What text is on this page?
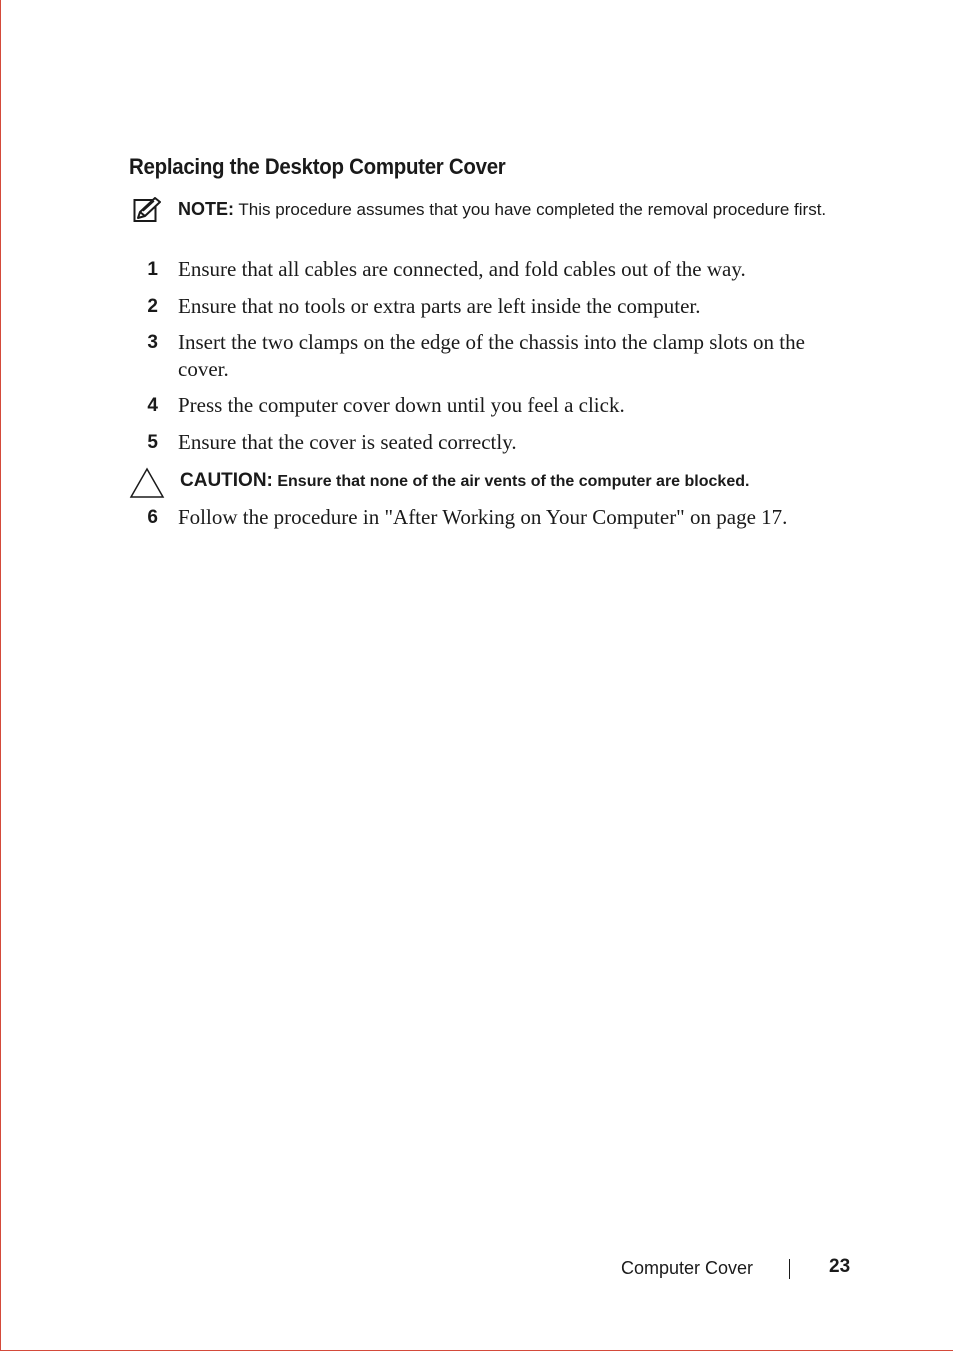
Replacing the Desktop Computer Cover
NOTE: This procedure assumes that you have completed the removal procedure first.
1 Ensure that all cables are connected, and fold cables out of the way.
2 Ensure that no tools or extra parts are left inside the computer.
3 Insert the two clamps on the edge of the chassis into the clamp slots on the cover.
4 Press the computer cover down until you feel a click.
5 Ensure that the cover is seated correctly.
CAUTION: Ensure that none of the air vents of the computer are blocked.
6 Follow the procedure in "After Working on Your Computer" on page 17.
Computer Cover	23
